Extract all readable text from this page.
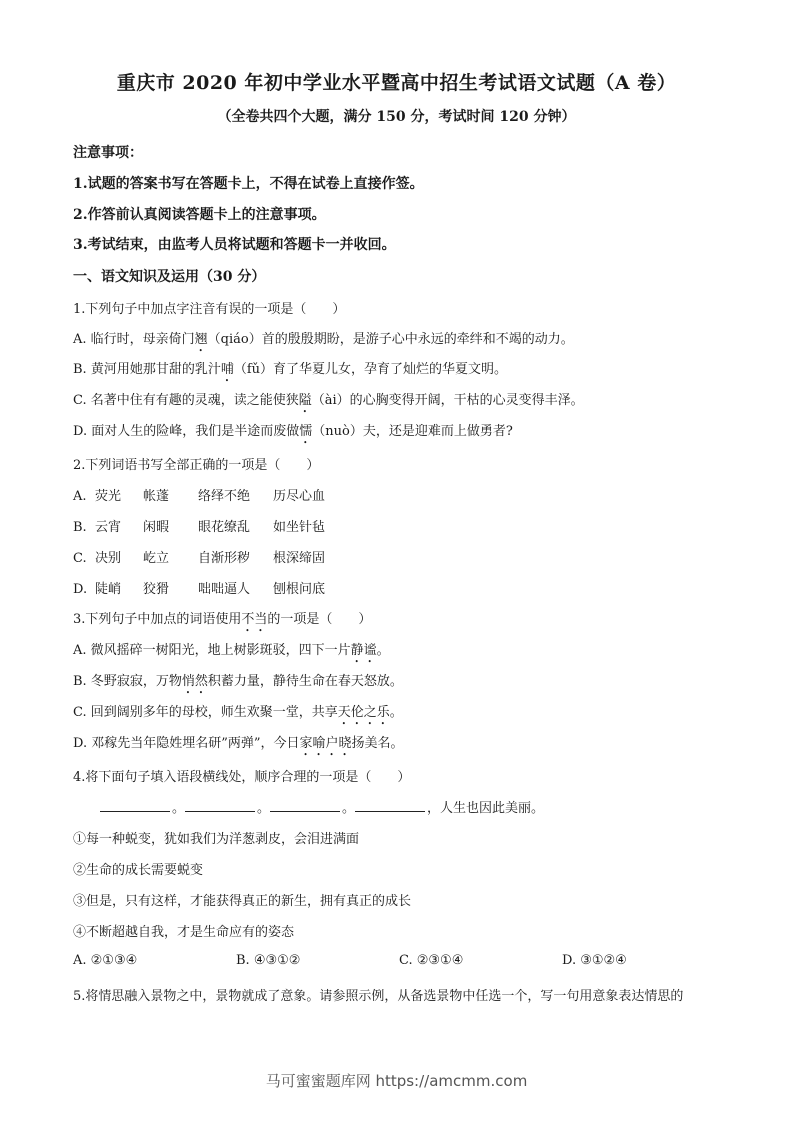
重庆市 2020 年初中学业水平暨高中招生考试语文试题（A 卷）
（全卷共四个大题，满分 150 分，考试时间 120 分钟）
注意事项：
1.试题的答案书写在答题卡上，不得在试卷上直接作签。
2.作答前认真阅读答题卡上的注意事项。
3.考试结束，由监考人员将试题和答题卡一并收回。
一、语文知识及运用（30 分）
1.下列句子中加点字注音有误的一项是（　　）
A. 临行时，母亲倚门翘（qiáo）首的殷殷期盼，是游子心中永远的牵绊和不竭的动力。
B. 黄河用她那甘甜的乳汁哺（fǔ）育了华夏儿女，孕育了灿烂的华夏文明。
C. 名著中住有有趣的灵魂，读之能使狭隘（ài）的心胸变得开阔，干枯的心灵变得丰泽。
D. 面对人生的险峰，我们是半途而废做懦（nuò）夫，还是迎难而上做勇者?
2.下列词语书写全部正确的一项是（　　）
A. 荧光 帐蓬 络绎不绝 历尽心血
B. 云宵 闲暇 眼花缭乱 如坐针毡
C. 决别 屹立 自渐形秽 根深缔固
D. 陡峭 狡猾 咄咄逼人 刨根问底
3.下列句子中加点的词语使用不当的一项是（　　）
A. 微风摇碎一树阳光，地上树影斑驳，四下一片静谧。
B. 冬野寂寂，万物悄然积蓄力量，静待生命在春天怒放。
C. 回到阔别多年的母校，师生欢聚一堂，共享天伦之乐。
D. 邓稼先当年隐姓埋名研”两弹”，今日家喻户晓扬美名。
4.将下面句子填入语段横线处，顺序合理的一项是（　　）
。	。	。	，人生也因此美丽。
①每一种蜕变，犹如我们为洋葱剥皮，会泪进满面
②生命的成长需要蜕变
③但是，只有这样，才能获得真正的新生，拥有真正的成长
④不断超越自我，才是生命应有的姿态
A. ②①③④	B. ④③①②	C. ②③①④	D. ③①②④
5.将情思融入景物之中，景物就成了意象。请参照示例，从备选景物中任选一个，写一句用意象表达情思的
马可蜜蜜题库网 https://amcmm.com
